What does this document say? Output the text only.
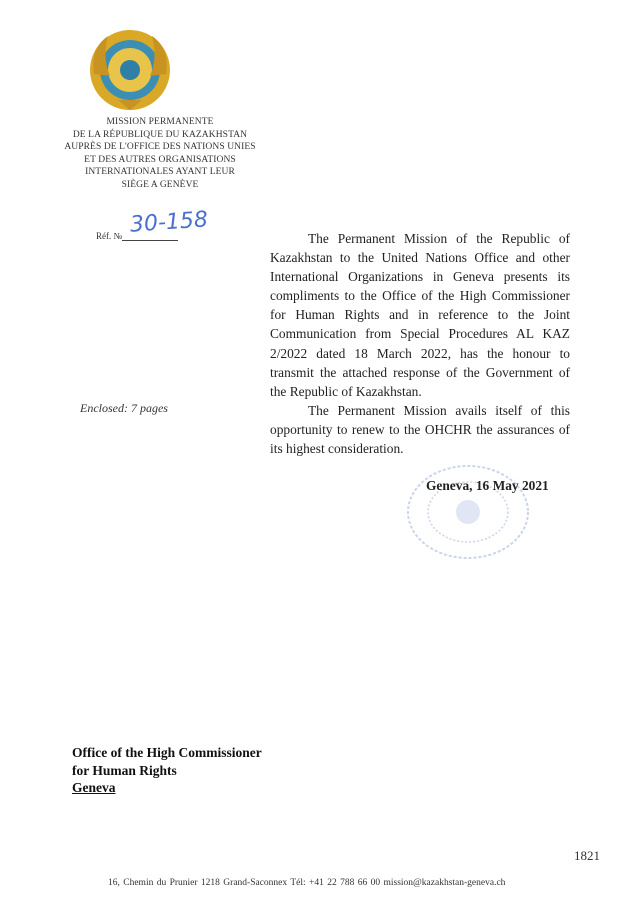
MISSION PERMANENTE
DE LA RÉPUBLIQUE DU KAZAKHSTAN
AUPRÈS DE L'OFFICE DES NATIONS UNIES
ET DES AUTRES ORGANISATIONS
INTERNATIONALES AYANT LEUR
SIÈGE A GENÈVE
Réf. № 30-158

The Permanent Mission of the Republic of Kazakhstan to the United Nations Office and other International Organizations in Geneva presents its compliments to the Office of the High Commissioner for Human Rights and in reference to the Joint Communication from Special Procedures AL KAZ 2/2022 dated 18 March 2022, has the honour to transmit the attached response of the Government of the Republic of Kazakhstan.

The Permanent Mission avails itself of this opportunity to renew to the OHCHR the assurances of its highest consideration.

Enclosed: 7 pages
Geneva, 16 May 2021
Office of the High Commissioner
for Human Rights
Geneva
1821
16, Chemin du Prunier 1218 Grand-Saconnex Tél: +41 22 788 66 00 mission@kazakhstan-geneva.ch
